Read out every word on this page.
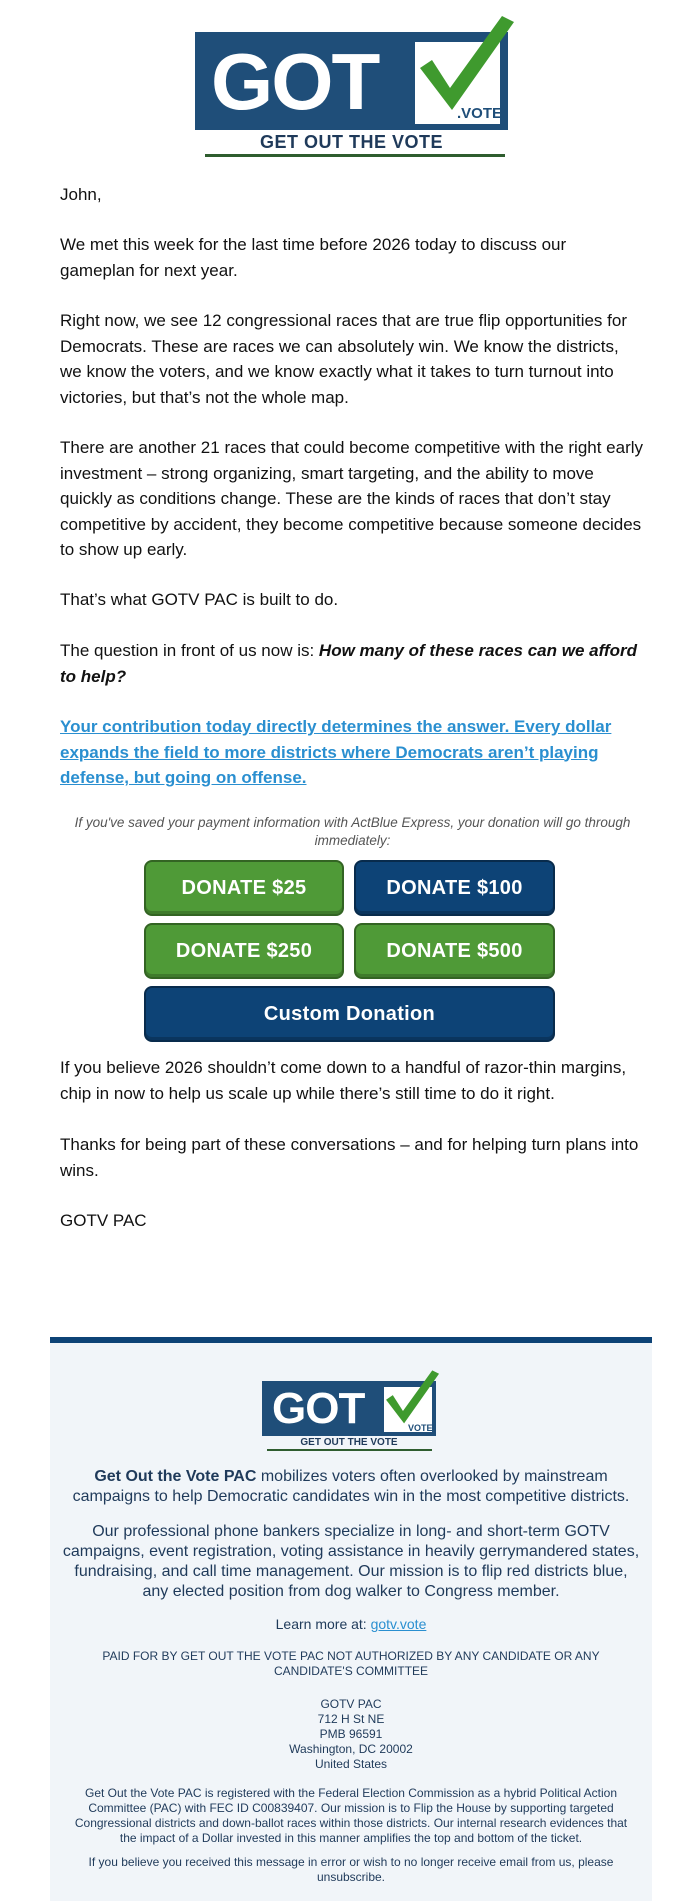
GOT	.VOTE
GET OUT THE VOTE
John,
We met this week for the last time before 2026 today to discuss our gameplan for next year.
Right now, we see 12 congressional races that are true flip opportunities for Democrats. These are races we can absolutely win. We know the districts, we know the voters, and we know exactly what it takes to turn turnout into victories, but that’s not the whole map.
There are another 21 races that could become competitive with the right early investment – strong organizing, smart targeting, and the ability to move quickly as conditions change. These are the kinds of races that don’t stay competitive by accident, they become competitive because someone decides to show up early.
That’s what GOTV PAC is built to do.
The question in front of us now is: How many of these races can we afford to help?
Your contribution today directly determines the answer. Every dollar expands the field to more districts where Democrats aren’t playing defense, but going on offense.
If you've saved your payment information with ActBlue Express, your donation will go through immediately:
DONATE $25	DONATE $100
DONATE $250	DONATE $500
Custom Donation
If you believe 2026 shouldn’t come down to a handful of razor-thin margins, chip in now to help us scale up while there’s still time to do it right.
Thanks for being part of these conversations – and for helping turn plans into wins.
GOTV PAC
GOT	VOTE
GET OUT THE VOTE
Get Out the Vote PAC mobilizes voters often overlooked by mainstream campaigns to help Democratic candidates win in the most competitive districts.
Our professional phone bankers specialize in long- and short-term GOTV campaigns, event registration, voting assistance in heavily gerrymandered states, fundraising, and call time management. Our mission is to flip red districts blue, any elected position from dog walker to Congress member.
Learn more at: gotv.vote
PAID FOR BY GET OUT THE VOTE PAC NOT AUTHORIZED BY ANY CANDIDATE OR ANY CANDIDATE'S COMMITTEE
GOTV PAC
712 H St NE
PMB 96591
Washington, DC 20002
United States
Get Out the Vote PAC is registered with the Federal Election Commission as a hybrid Political Action Committee (PAC) with FEC ID C00839407. Our mission is to Flip the House by supporting targeted Congressional districts and down-ballot races within those districts. Our internal research evidences that the impact of a Dollar invested in this manner amplifies the top and bottom of the ticket.
If you believe you received this message in error or wish to no longer receive email from us, please unsubscribe.
